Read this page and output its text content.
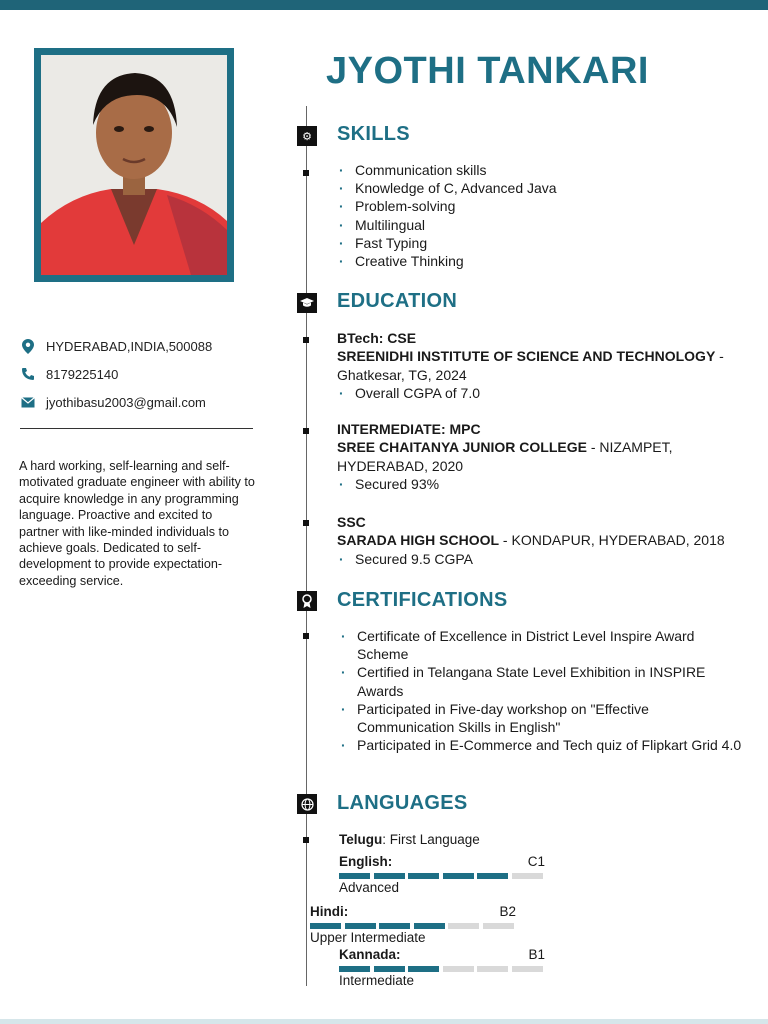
HYDERABAD,INDIA,500088
8179225140
jyothibasu2003@gmail.com
A hard working, self-learning and self-motivated graduate engineer with ability to acquire knowledge in any programming language. Proactive and excited to partner with like-minded individuals to achieve goals. Dedicated to self-development to provide expectation-exceeding service.
JYOTHI TANKARI
⚙ SKILLS
· Communication skills
· Knowledge of C, Advanced Java
· Problem-solving
· Multilingual
· Fast Typing
· Creative Thinking
EDUCATION
BTech: CSE
SREENIDHI INSTITUTE OF SCIENCE AND TECHNOLOGY - Ghatkesar, TG, 2024
· Overall CGPA of 7.0
INTERMEDIATE: MPC
SREE CHAITANYA JUNIOR COLLEGE - NIZAMPET, HYDERABAD, 2020
· Secured 93%
SSC
SARADA HIGH SCHOOL - KONDAPUR, HYDERABAD, 2018
· Secured 9.5 CGPA
CERTIFICATIONS
· Certificate of Excellence in District Level Inspire Award Scheme
· Certified in Telangana State Level Exhibition in INSPIRE Awards
· Participated in Five-day workshop on "Effective Communication Skills in English"
· Participated in E-Commerce and Tech quiz of Flipkart Grid 4.0
LANGUAGES
Telugu: First Language
English:	C1
Advanced
Hindi:	B2
Upper Intermediate
Kannada:	B1
Intermediate
